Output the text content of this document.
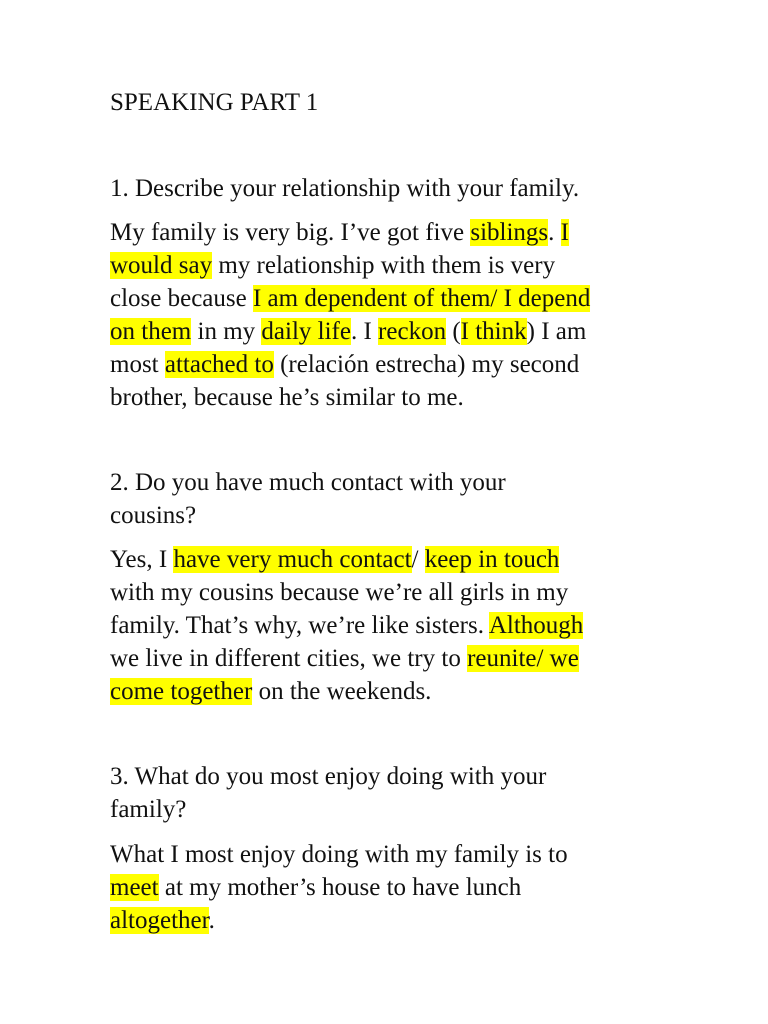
SPEAKING PART 1
1. Describe your relationship with your family.
My family is very big. I’ve got five siblings. I
would say my relationship with them is very
close because I am dependent of them/ I depend
on them in my daily life. I reckon (I think) I am
most attached to (relación estrecha) my second
brother, because he’s similar to me.
2. Do you have much contact with your
cousins?
Yes, I have very much contact/ keep in touch
with my cousins because we’re all girls in my
family. That’s why, we’re like sisters. Although
we live in different cities, we try to reunite/ we
come together on the weekends.
3. What do you most enjoy doing with your
family?
What I most enjoy doing with my family is to
meet at my mother’s house to have lunch
altogether.
